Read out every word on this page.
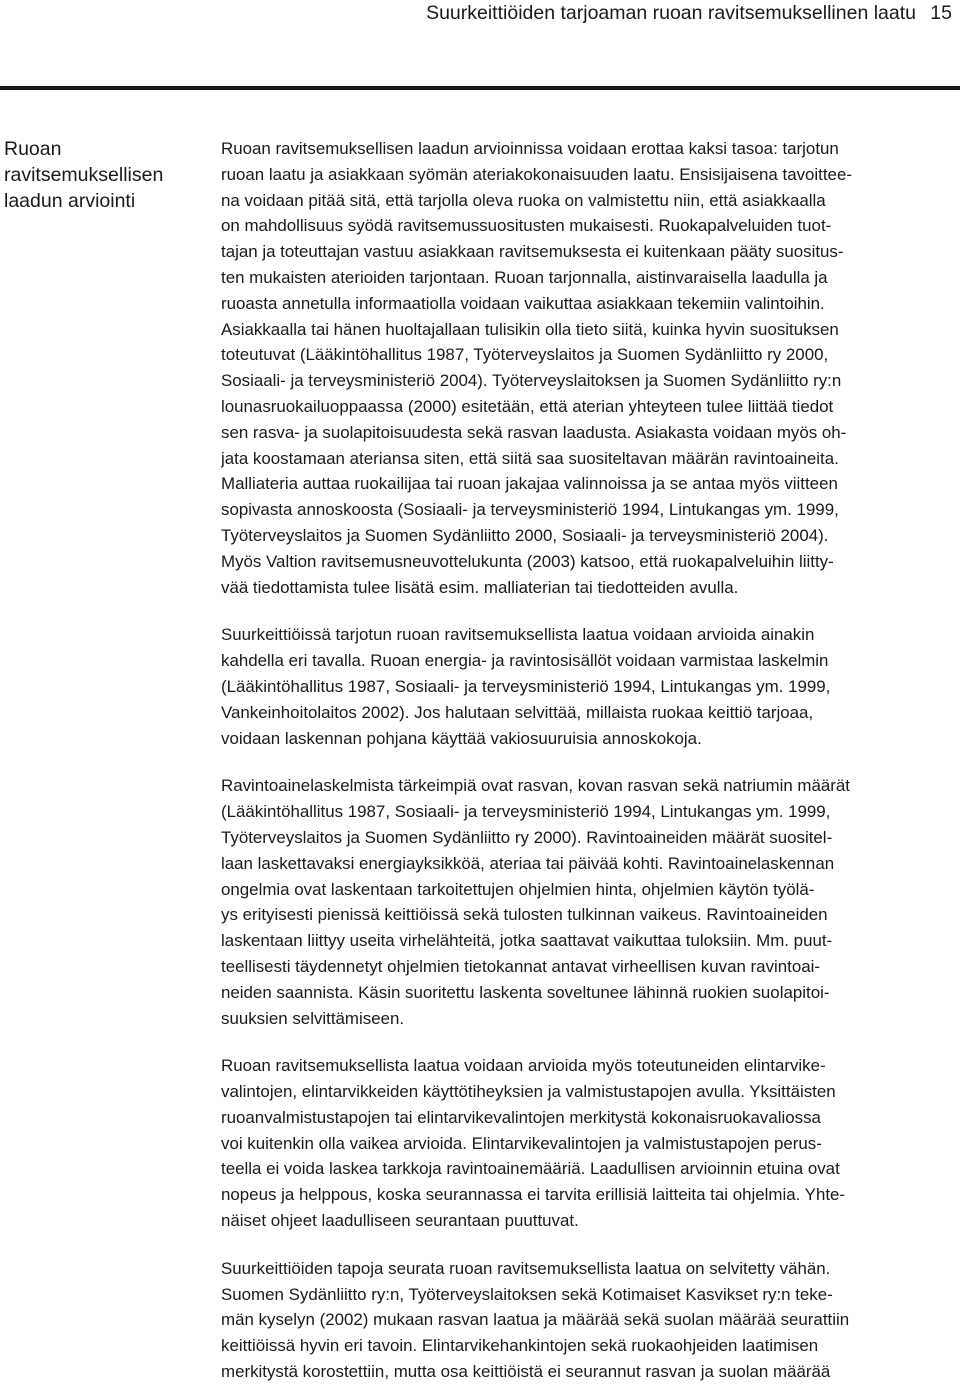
Suurkeittiöiden tarjoaman ruoan ravitsemuksellinen laatu 15
Ruoan
ravitsemuksellisen
laadun arviointi
Ruoan ravitsemuksellisen laadun arvioinnissa voidaan erottaa kaksi tasoa: tarjotun
ruoan laatu ja asiakkaan syömän ateriakokonaisuuden laatu. Ensisijaisena tavoittee-
na voidaan pitää sitä, että tarjolla oleva ruoka on valmistettu niin, että asiakkaalla
on mahdollisuus syödä ravitsemussuositusten mukaisesti. Ruokapalveluiden tuot-
tajan ja toteuttajan vastuu asiakkaan ravitsemuksesta ei kuitenkaan pääty suositus-
ten mukaisten aterioiden tarjontaan. Ruoan tarjonnalla, aistinvaraisella laadulla ja
ruoasta annetulla informaatiolla voidaan vaikuttaa asiakkaan tekemiin valintoihin.
Asiakkaalla tai hänen huoltajallaan tulisikin olla tieto siitä, kuinka hyvin suosituksen
toteutuvat (Lääkintöhallitus 1987, Työterveyslaitos ja Suomen Sydänliitto ry 2000,
Sosiaali- ja terveysministeriö 2004). Työterveyslaitoksen ja Suomen Sydänliitto ry:n
lounasruokailuoppaassa (2000) esitetään, että aterian yhteyteen tulee liittää tiedot
sen rasva- ja suolapitoisuudesta sekä rasvan laadusta. Asiakasta voidaan myös oh-
jata koostamaan ateriansa siten, että siitä saa suositeltavan määrän ravintoaineita.
Malliateria auttaa ruokailijaa tai ruoan jakajaa valinnoissa ja se antaa myös viitteen
sopivasta annoskoosta (Sosiaali- ja terveysministeriö 1994, Lintukangas ym. 1999,
Työterveyslaitos ja Suomen Sydänliitto 2000, Sosiaali- ja terveysministeriö 2004).
Myös Valtion ravitsemusneuvottelukunta (2003) katsoo, että ruokapalveluihin liitty-
vää tiedottamista tulee lisätä esim. malliaterian tai tiedotteiden avulla.
Suurkeittiöissä tarjotun ruoan ravitsemuksellista laatua voidaan arvioida ainakin
kahdella eri tavalla. Ruoan energia- ja ravintosisällöt voidaan varmistaa laskelmin
(Lääkintöhallitus 1987, Sosiaali- ja terveysministeriö 1994, Lintukangas ym. 1999,
Vankeinhoitolaitos 2002). Jos halutaan selvittää, millaista ruokaa keittiö tarjoaa,
voidaan laskennan pohjana käyttää vakiosuuruisia annoskokoja.
Ravintoainelaskelmista tärkeimpiä ovat rasvan, kovan rasvan sekä natriumin määrät
(Lääkintöhallitus 1987, Sosiaali- ja terveysministeriö 1994, Lintukangas ym. 1999,
Työterveyslaitos ja Suomen Sydänliitto ry 2000). Ravintoaineiden määrät suositel-
laan laskettavaksi energiayksikköä, ateriaa tai päivää kohti. Ravintoainelaskennan
ongelmia ovat laskentaan tarkoitettujen ohjelmien hinta, ohjelmien käytön työlä-
ys erityisesti pienissä keittiöissä sekä tulosten tulkinnan vaikeus. Ravintoaineiden
laskentaan liittyy useita virhelähteitä, jotka saattavat vaikuttaa tuloksiin. Mm. puut-
teellisesti täydennetyt ohjelmien tietokannat antavat virheellisen kuvan ravintoai-
neiden saannista. Käsin suoritettu laskenta soveltunee lähinnä ruokien suolapitoi-
suuksien selvittämiseen.
Ruoan ravitsemuksellista laatua voidaan arvioida myös toteutuneiden elintarvike-
valintojen, elintarvikkeiden käyttötiheyksien ja valmistustapojen avulla. Yksittäisten
ruoanvalmistustapojen tai elintarvikevalintojen merkitystä kokonaisruokavaliossa
voi kuitenkin olla vaikea arvioida. Elintarvikevalintojen ja valmistustapojen perus-
teella ei voida laskea tarkkoja ravintoainemääriä. Laadullisen arvioinnin etuina ovat
nopeus ja helppous, koska seurannassa ei tarvita erillisiä laitteita tai ohjelmia. Yhte-
näiset ohjeet laadulliseen seurantaan puuttuvat.
Suurkeittiöiden tapoja seurata ruoan ravitsemuksellista laatua on selvitetty vähän.
Suomen Sydänliitto ry:n, Työterveyslaitoksen sekä Kotimaiset Kasvikset ry:n teke-
män kyselyn (2002) mukaan rasvan laatua ja määrää sekä suolan määrää seurattiin
keittiöissä hyvin eri tavoin. Elintarvikehankintojen sekä ruokaohjeiden laatimisen
merkitystä korostettiin, mutta osa keittiöistä ei seurannut rasvan ja suolan määrää
